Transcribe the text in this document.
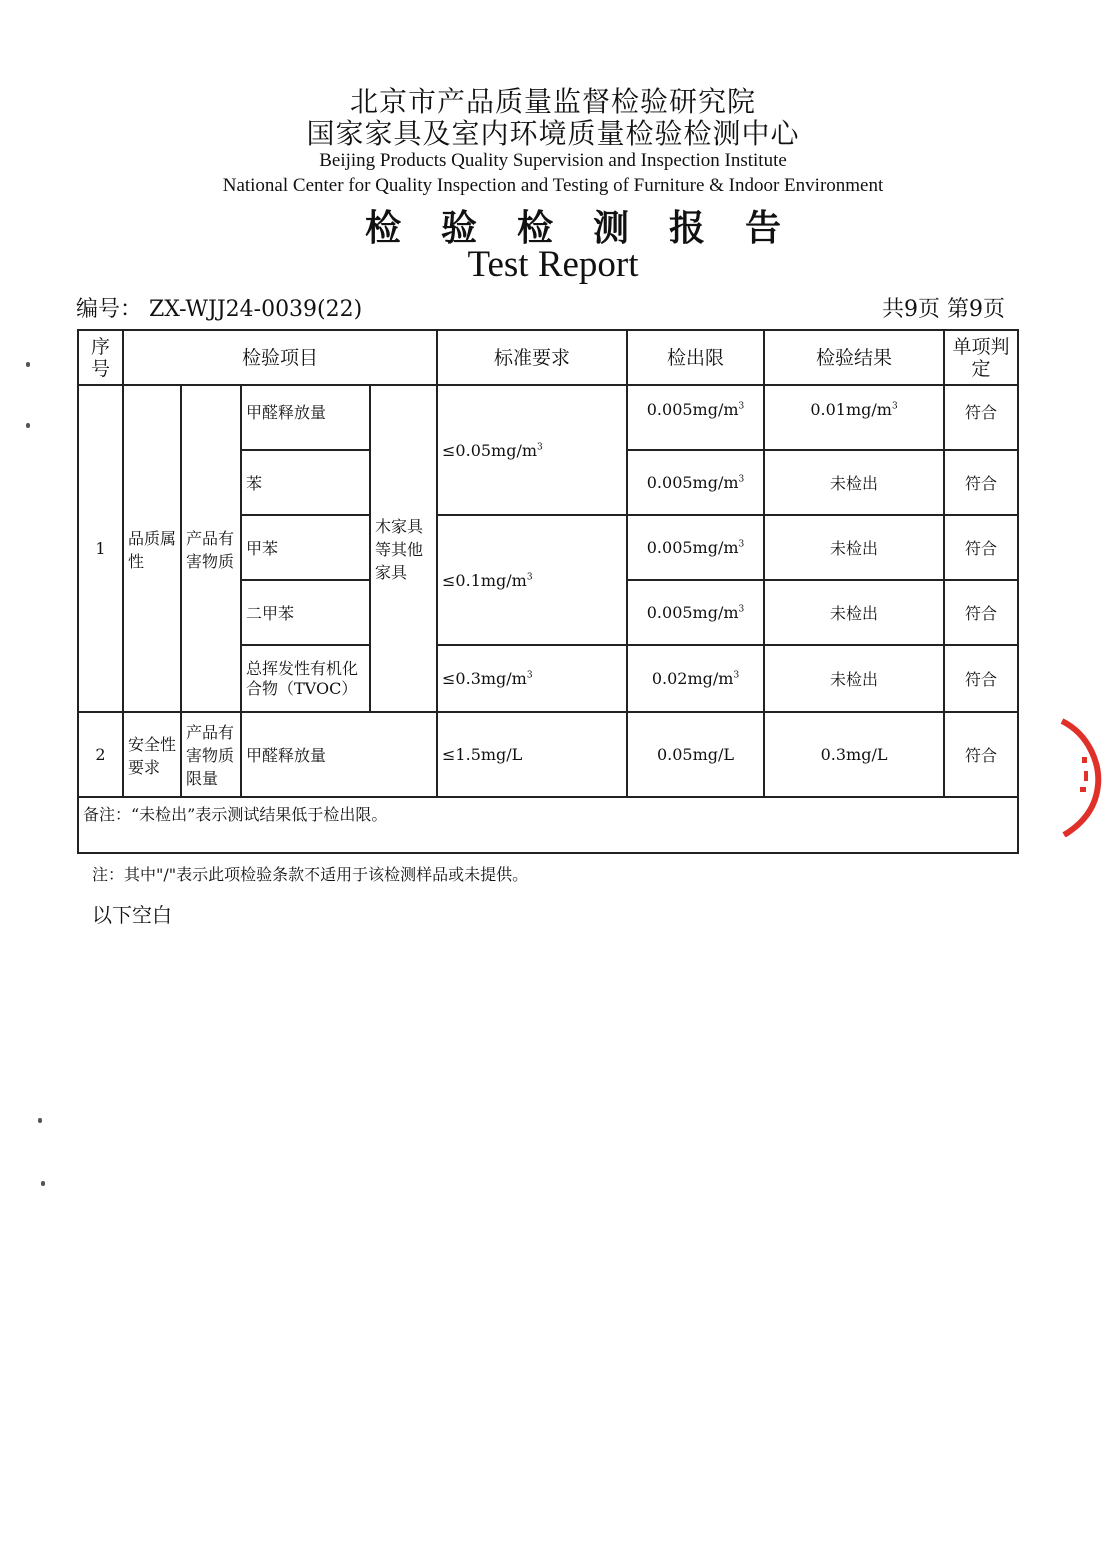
北京市产品质量监督检验研究院
国家家具及室内环境质量检验检测中心
Beijing Products Quality Supervision and Inspection Institute
National Center for Quality Inspection and Testing of Furniture & Indoor Environment
检验检测报告
Test Report
编号： ZX-WJJ24-0039(22)	共9页 第9页
序号	检验项目				标准要求	检出限	检验结果	单项判定
1	品质属性	产品有害物质	甲醛释放量	木家具等其他家具	$\le 0.05mg/m^3$	$0.005mg/m^3$	$0.01mg/m^3$	符合
			苯			$0.005mg/m^3$	未检出	符合
			甲苯		$\le 0.1mg/m^3$	$0.005mg/m^3$	未检出	符合
			二甲苯			$0.005mg/m^3$	未检出	符合
			总挥发性有机化合物（TVOC）		$\le 0.3mg/m^3$	$0.02mg/m^3$	未检出	符合
2	安全性要求	产品有害物质限量	甲醛释放量		≤1.5mg/L	0.05mg/L	0.3mg/L	符合
备注：“未检出”表示测试结果低于检出限。								
注：其中"/"表示此项检验条款不适用于该检测样品或未提供。
以下空白
